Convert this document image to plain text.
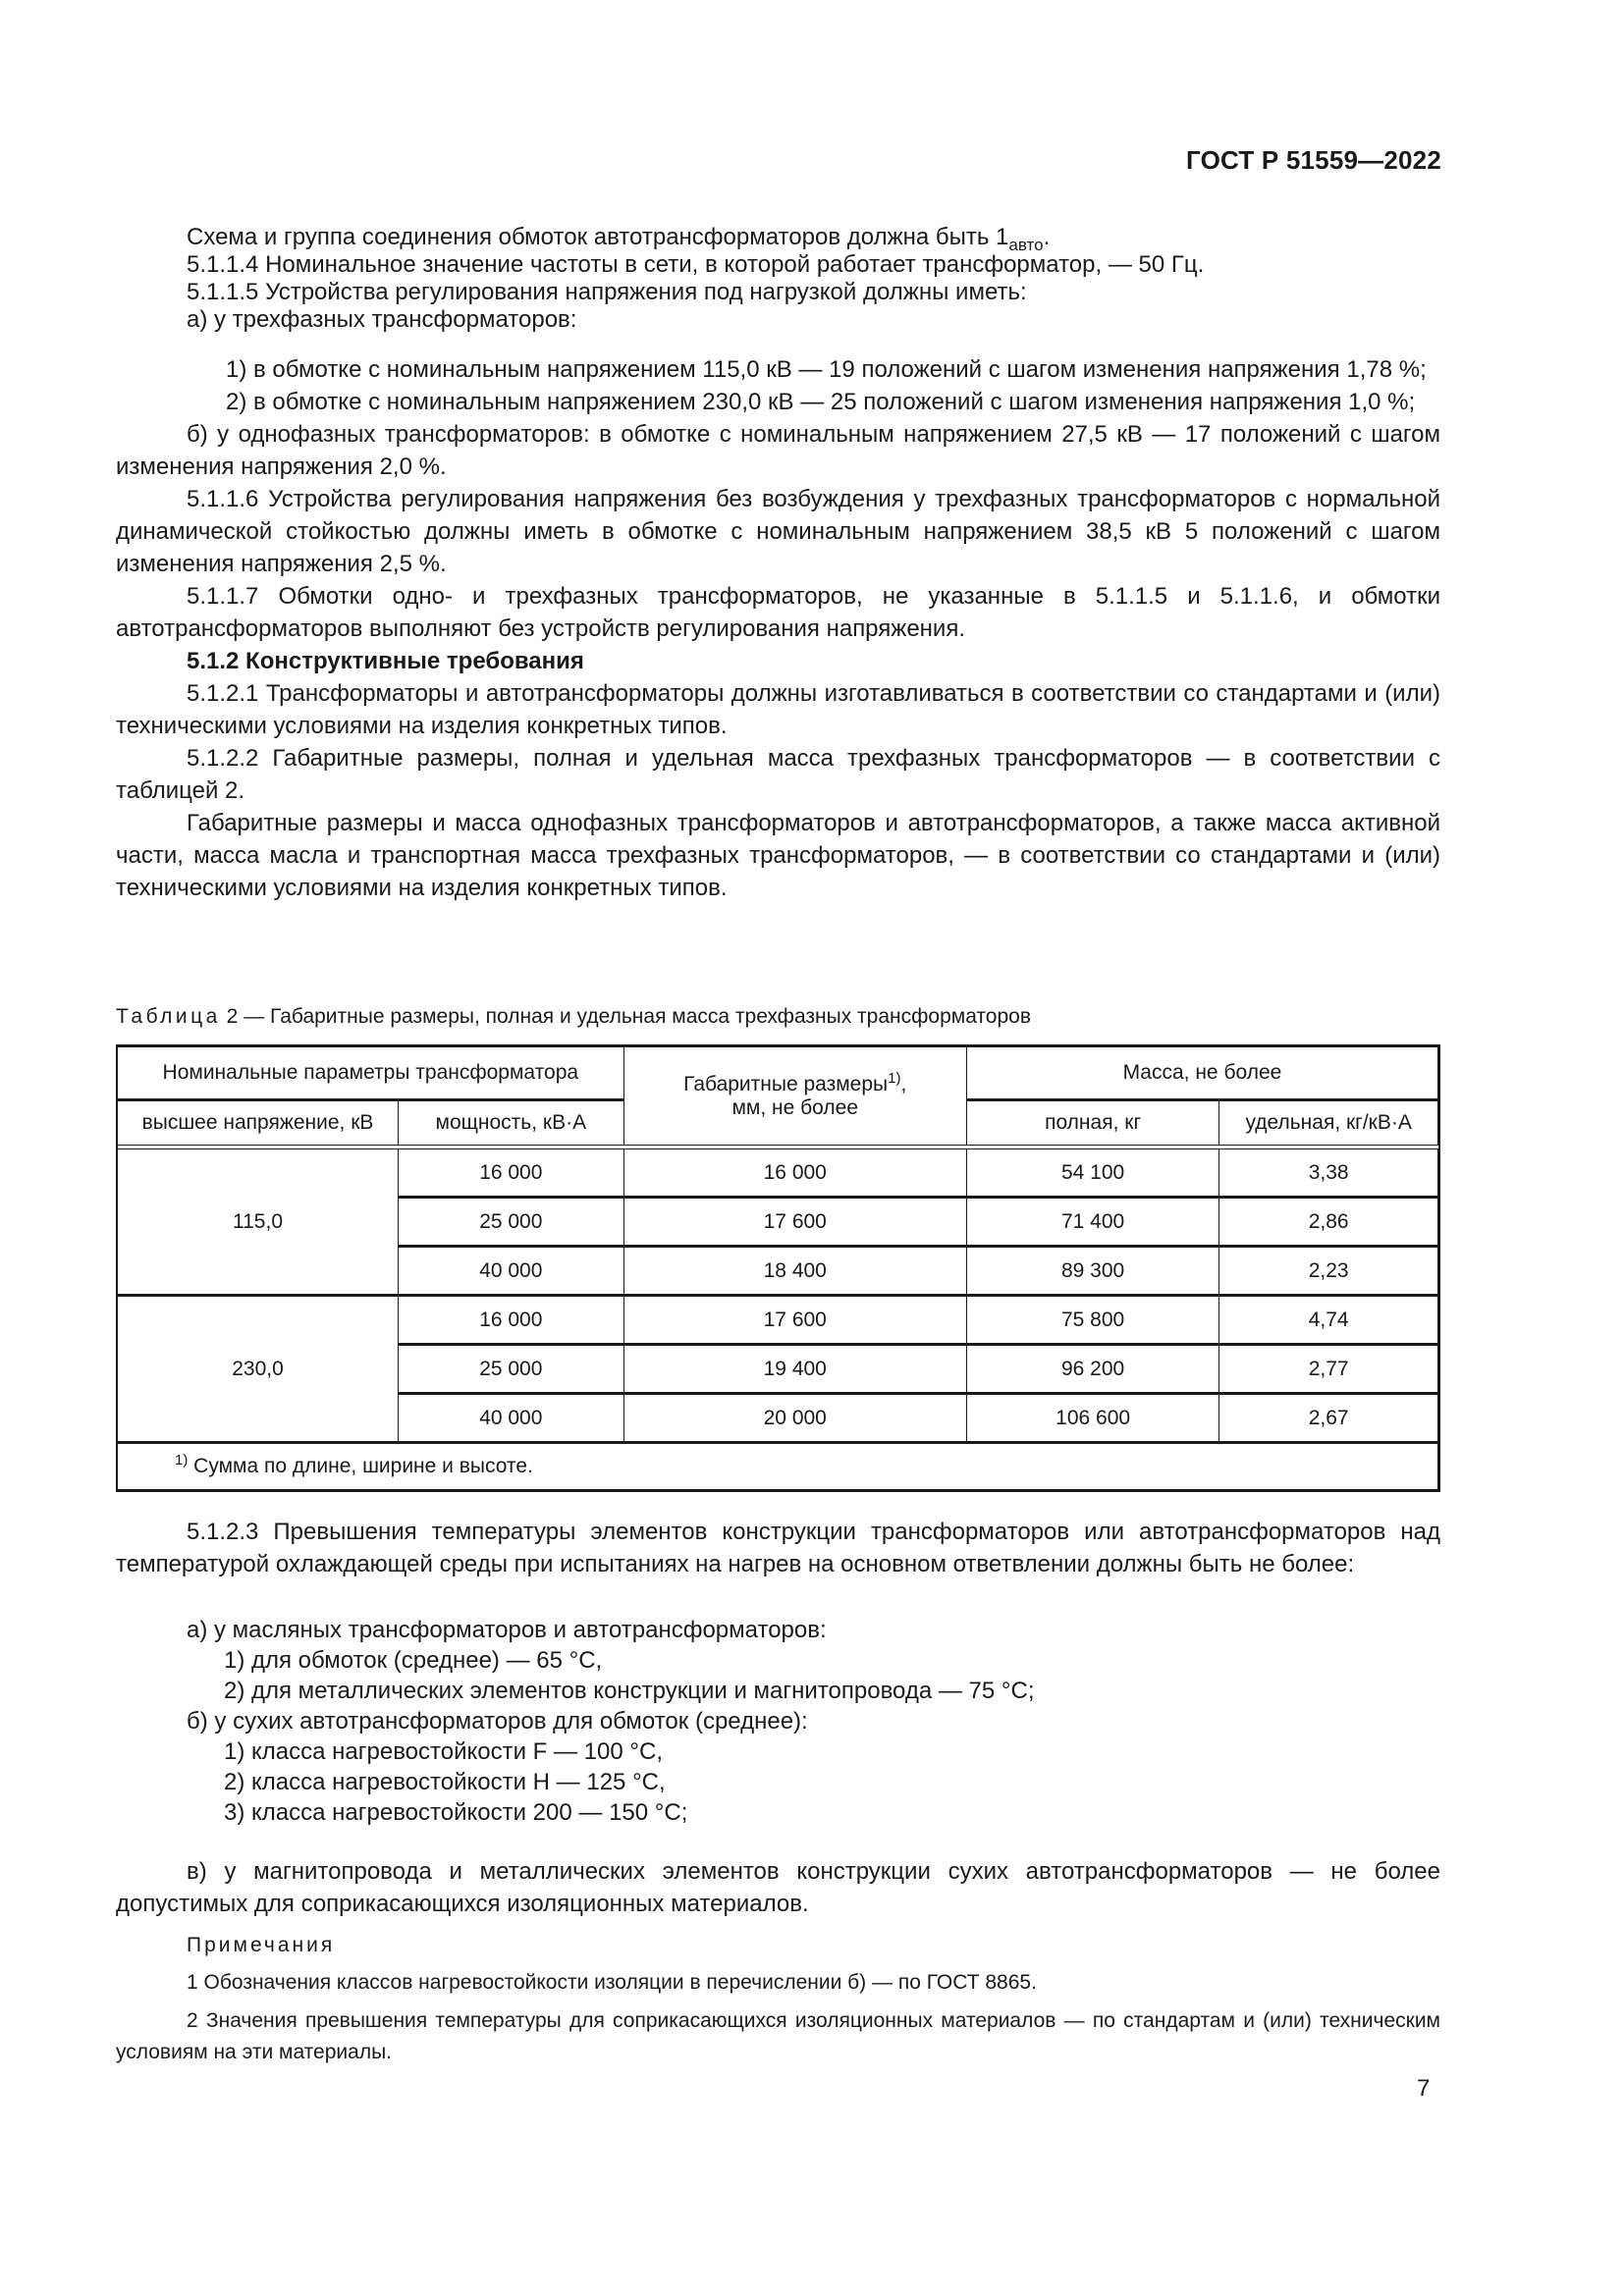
ГОСТ Р 51559—2022

Схема и группа соединения обмоток автотрансформаторов должна быть $1_{авто}$.

5.1.1.4 Номинальное значение частоты в сети, в которой работает трансформатор, — 50 Гц.

5.1.1.5 Устройства регулирования напряжения под нагрузкой должны иметь:

а) у трехфазных трансформаторов:

1) в обмотке с номинальным напряжением 115,0 кВ — 19 положений с шагом изменения напряжения 1,78 %;

2) в обмотке с номинальным напряжением 230,0 кВ — 25 положений с шагом изменения напряжения 1,0 %;

б) у однофазных трансформаторов: в обмотке с номинальным напряжением 27,5 кВ — 17 положений с шагом изменения напряжения 2,0 %.

5.1.1.6 Устройства регулирования напряжения без возбуждения у трехфазных трансформаторов с нормальной динамической стойкостью должны иметь в обмотке с номинальным напряжением 38,5 кВ 5 положений с шагом изменения напряжения 2,5 %.

5.1.1.7 Обмотки одно- и трехфазных трансформаторов, не указанные в 5.1.1.5 и 5.1.1.6, и обмотки автотрансформаторов выполняют без устройств регулирования напряжения.

5.1.2 Конструктивные требования

5.1.2.1 Трансформаторы и автотрансформаторы должны изготавливаться в соответствии со стандартами и (или) техническими условиями на изделия конкретных типов.

5.1.2.2 Габаритные размеры, полная и удельная масса трехфазных трансформаторов — в соответствии с таблицей 2.

Габаритные размеры и масса однофазных трансформаторов и автотрансформаторов, а также масса активной части, масса масла и транспортная масса трехфазных трансформаторов, — в соответствии со стандартами и (или) техническими условиями на изделия конкретных типов.

Таблица 2 — Габаритные размеры, полная и удельная масса трехфазных трансформаторов
Номинальные параметры трансформатора		Габаритные размеры$^{1)}$,
мм, не более	Масса, не более	
высшее напряжение, кВ	мощность, кВ·А		полная, кг	удельная, кг/кВ·А

115,0	16 000	16 000	54 100	3,38
	25 000	17 600	71 400	2,86
	40 000	18 400	89 300	2,23
230,0	16 000	17 600	75 800	4,74
	25 000	19 400	96 200	2,77
	40 000	20 000	106 600	2,67
$^{1)}$ Сумма по длине, ширине и высоте.				

5.1.2.3 Превышения температуры элементов конструкции трансформаторов или автотрансформаторов над температурой охлаждающей среды при испытаниях на нагрев на основном ответвлении должны быть не более:

а) у масляных трансформаторов и автотрансформаторов:

1) для обмоток (среднее) — 65 °С,

2) для металлических элементов конструкции и магнитопровода — 75 °С;

б) у сухих автотрансформаторов для обмоток (среднее):

1) класса нагревостойкости F — 100 °С,

2) класса нагревостойкости Н — 125 °С,

3) класса нагревостойкости 200 — 150 °С;

в) у магнитопровода и металлических элементов конструкции сухих автотрансформаторов — не более допустимых для соприкасающихся изоляционных материалов.

Примечания

1 Обозначения классов нагревостойкости изоляции в перечислении б) — по ГОСТ 8865.

2 Значения превышения температуры для соприкасающихся изоляционных материалов — по стандартам и (или) техническим условиям на эти материалы.

7
